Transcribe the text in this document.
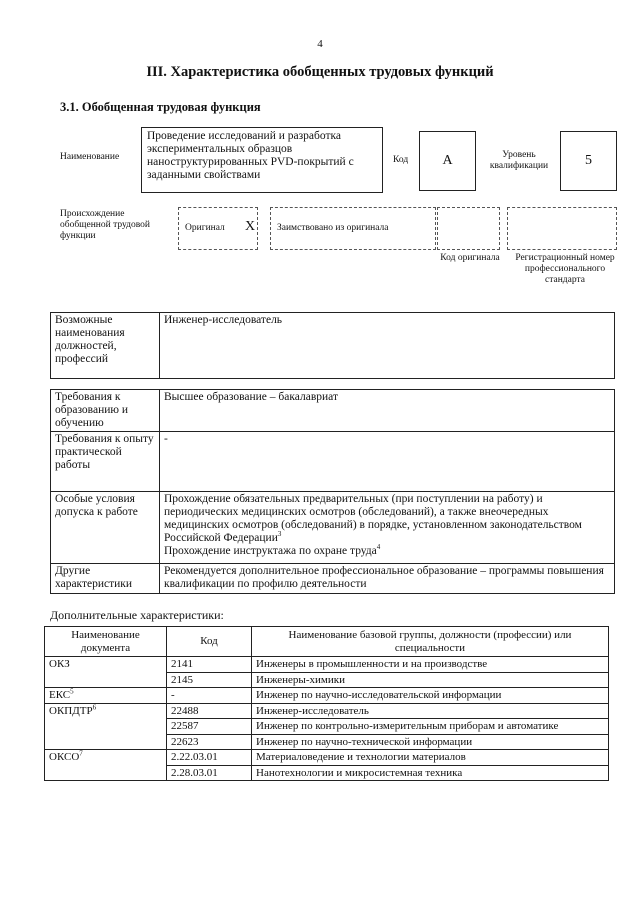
4
III. Характеристика обобщенных трудовых функций
3.1. Обобщенная трудовая функция
Наименование
Проведение исследований и разработка экспериментальных образцов наноструктурированных PVD-покрытий с заданными свойствами
Код	А	Уровень квалификации	5
Происхождение обобщенной трудовой функции
Оригинал X Заимствовано из оригинала
Код оригинала	Регистрационный номер профессионального стандарта
Возможные наименования должностей, профессий	Инженер-исследователь
Требования к образованию и обучению	Высшее образование – бакалавриат
Требования к опыту практической работы	-
Особые условия допуска к работе	Прохождение обязательных предварительных (при поступлении на работу) и периодических медицинских осмотров (обследований), а также внеочередных медицинских осмотров (обследований) в порядке, установленном законодательством Российской Федерации$^3$
Прохождение инструктажа по охране труда$^4$
Другие характеристики	Рекомендуется дополнительное профессиональное образование – программы повышения квалификации по профилю деятельности
Дополнительные характеристики:
Наименование документа	Код	Наименование базовой группы, должности (профессии) или специальности
ОКЗ	2141	Инженеры в промышленности и на производстве
	2145	Инженеры-химики
ЕКС$^5$	-	Инженер по научно-исследовательской информации
ОКПДТР$^6$	22488	Инженер-исследователь
	22587	Инженер по контрольно-измерительным приборам и автоматике
	22623	Инженер по научно-технической информации
ОКСО$^7$	2.22.03.01	Материаловедение и технологии материалов
	2.28.03.01	Нанотехнологии и микросистемная техника
